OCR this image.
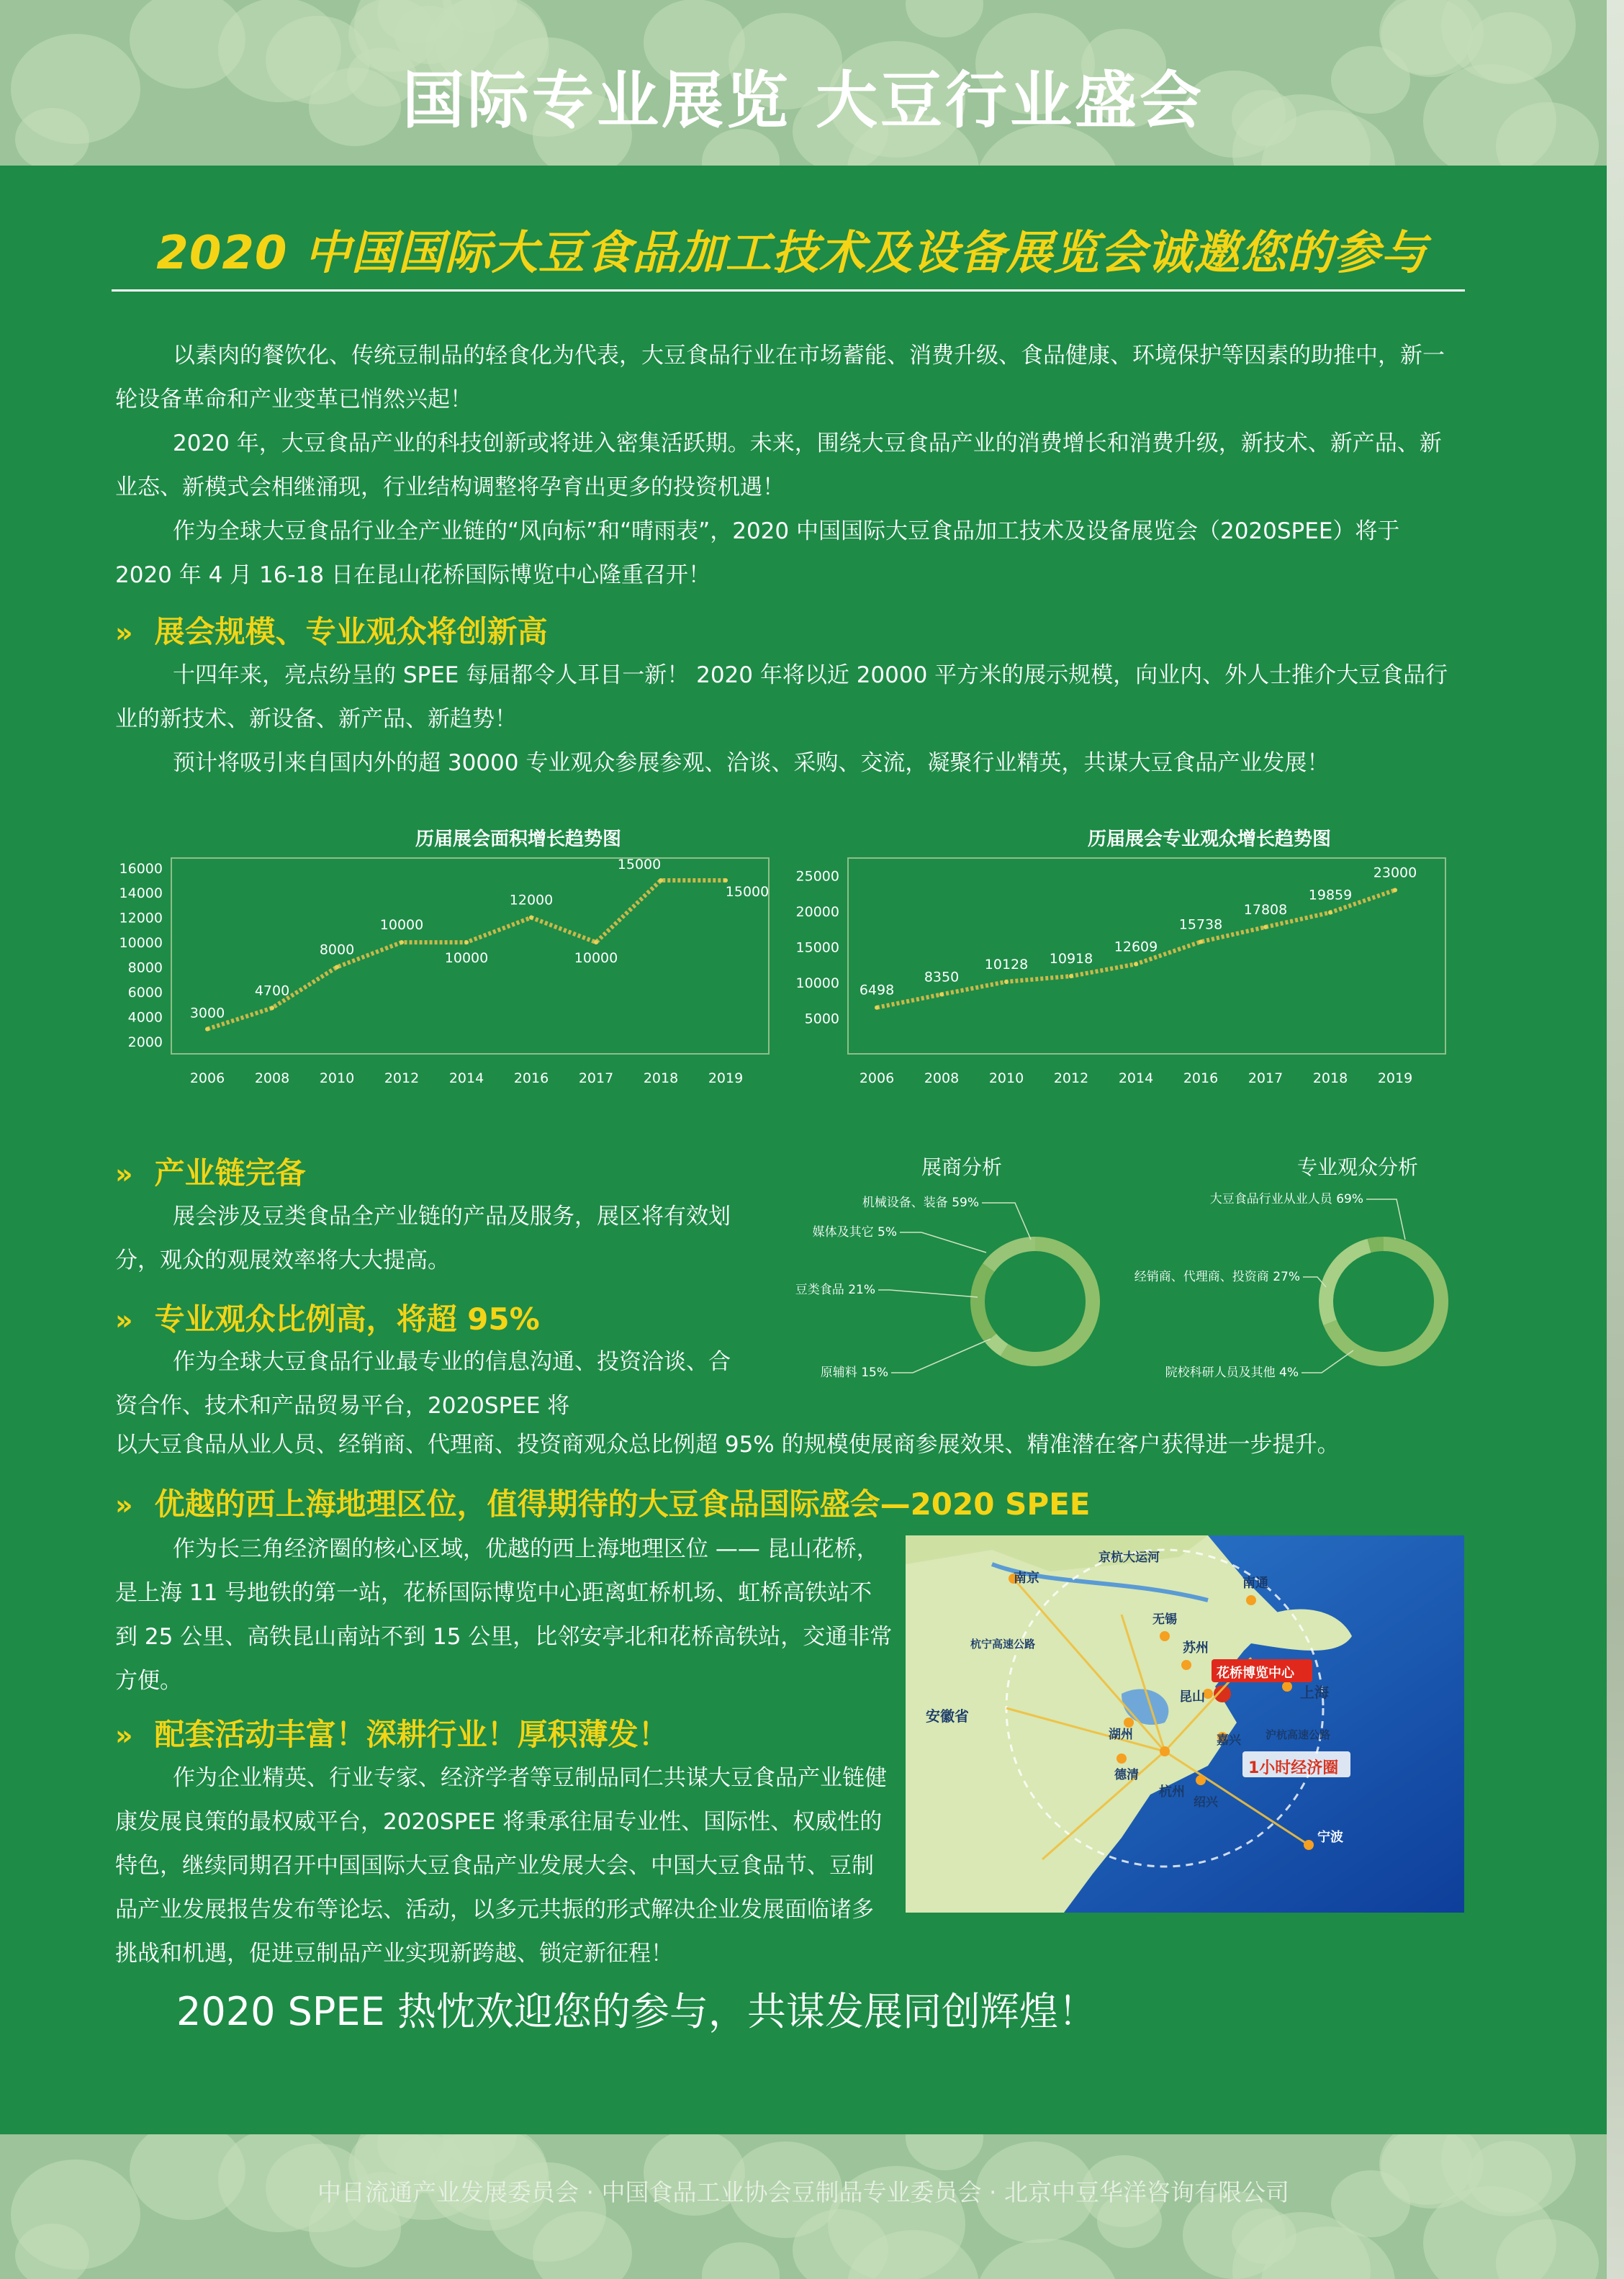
国际专业展览 大豆行业盛会
2020 中国国际大豆食品加工技术及设备展览会诚邀您的参与

以素肉的餐饮化、传统豆制品的轻食化为代表，大豆食品行业在市场蓄能、消费升级、食品健康、环境保护等因素的助推中，新一轮设备革命和产业变革已悄然兴起！

2020 年，大豆食品产业的科技创新或将进入密集活跃期。未来，围绕大豆食品产业的消费增长和消费升级，新技术、新产品、新业态、新模式会相继涌现，行业结构调整将孕育出更多的投资机遇！

作为全球大豆食品行业全产业链的“风向标”和“晴雨表”，2020 中国国际大豆食品加工技术及设备展览会（2020SPEE）将于 2020 年 4 月 16-18 日在昆山花桥国际博览中心隆重召开！

» 展会规模、专业观众将创新高

十四年来，亮点纷呈的 SPEE 每届都令人耳目一新！ 2020 年将以近 20000 平方米的展示规模，向业内、外人士推介大豆食品行业的新技术、新设备、新产品、新趋势！

预计将吸引来自国内外的超 30000 专业观众参展参观、洽谈、采购、交流，凝聚行业精英，共谋大豆食品产业发展！

历届展会面积增长趋势图
2000
4000
6000
8000
10000
12000
14000
16000
2006 2008 2010 2012 2014 2016 2017 2018 2019
3000
4700
8000
10000
10000
12000
10000
15000
15000
历届展会专业观众增长趋势图
5000
10000
15000
20000
25000
2006 2008 2010 2012 2014 2016 2017 2018 2019
6498
8350
10128 10918
12609
15738
17808
19859
23000
» 产业链完备

展会涉及豆类食品全产业链的产品及服务，展区将有效划分，观众的观展效率将大大提高。

展商分析
机械设备、装备 59%
媒体及其它 5%
豆类食品 21%
原辅料 15%
专业观众分析
大豆食品行业从业人员 69%
经销商、代理商、投资商 27%
院校科研人员及其他 4%
» 专业观众比例高，将超 95%

作为全球大豆食品行业最专业的信息沟通、投资洽谈、合资合作、技术和产品贸易平台，2020SPEE 将

以大豆食品从业人员、经销商、代理商、投资商观众总比例超 95% 的规模使展商参展效果、精准潜在客户获得进一步提升。

» 优越的西上海地理区位，值得期待的大豆食品国际盛会—2020 SPEE

作为长三角经济圈的核心区域，优越的西上海地理区位 —— 昆山花桥，是上海 11 号地铁的第一站，花桥国际博览中心距离虹桥机场、虹桥高铁站不到 25 公里、高铁昆山南站不到 15 公里，比邻安亭北和花桥高铁站，交通非常方便。

» 配套活动丰富！深耕行业！厚积薄发！

作为企业精英、行业专家、经济学者等豆制品同仁共谋大豆食品产业链健康发展良策的最权威平台，2020SPEE 将秉承往届专业性、国际性、权威性的特色，继续同期召开中国国际大豆食品产业发展大会、中国大豆食品节、豆制品产业发展报告发布等论坛、活动，以多元共振的形式解决企业发展面临诸多挑战和机遇，促进豆制品产业实现新跨越、锁定新征程！

京杭大运河
南京	南通
无锡
苏州
杭宁高速公路
花桥博览中心
上海
昆山
安徽省
湖州	嘉兴 沪杭高速公路
德清
杭州
绍兴
1小时经济圈
宁波
2020 SPEE 热忱欢迎您的参与，共谋发展同创辉煌！
中日流通产业发展委员会 · 中国食品工业协会豆制品专业委员会 · 北京中豆华洋咨询有限公司
